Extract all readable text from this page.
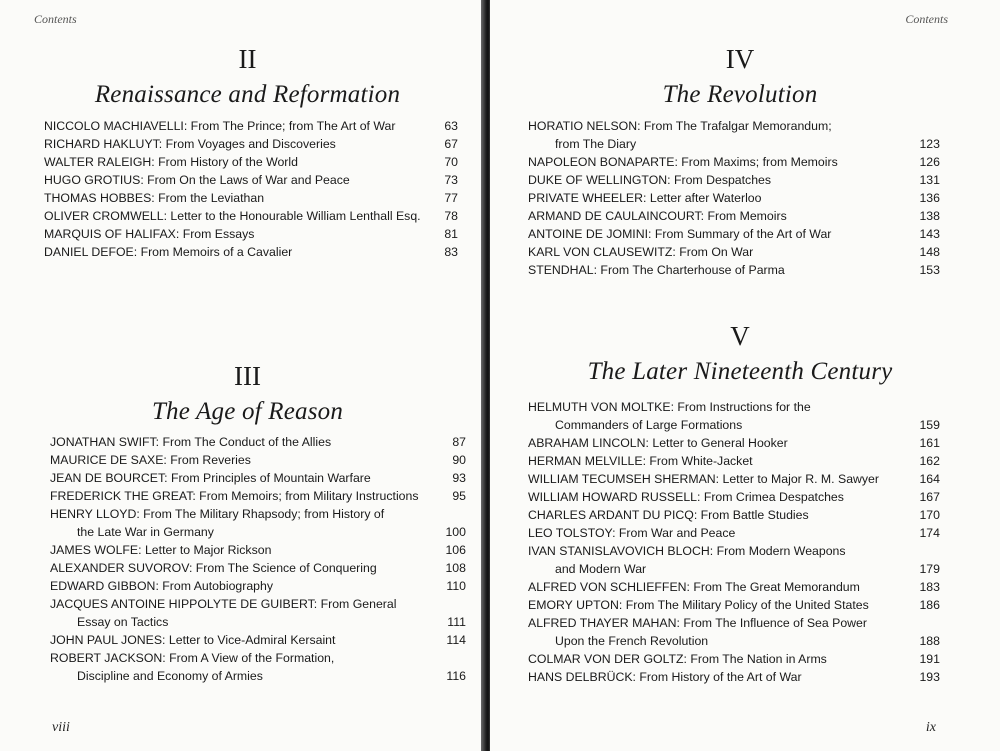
Contents
II
Renaissance and Reformation
NICCOLO MACHIAVELLI: From The Prince; from The Art of War	63
RICHARD HAKLUYT: From Voyages and Discoveries	67
WALTER RALEIGH: From History of the World	70
HUGO GROTIUS: From On the Laws of War and Peace	73
THOMAS HOBBES: From the Leviathan	77
OLIVER CROMWELL: Letter to the Honourable William Lenthall Esq.	78
MARQUIS OF HALIFAX: From Essays	81
DANIEL DEFOE: From Memoirs of a Cavalier	83
III
The Age of Reason
JONATHAN SWIFT: From The Conduct of the Allies	87
MAURICE DE SAXE: From Reveries	90
JEAN DE BOURCET: From Principles of Mountain Warfare	93
FREDERICK THE GREAT: From Memoirs; from Military Instructions	95
HENRY LLOYD: From The Military Rhapsody; from History of
the Late War in Germany	100
JAMES WOLFE: Letter to Major Rickson	106
ALEXANDER SUVOROV: From The Science of Conquering	108
EDWARD GIBBON: From Autobiography	110
JACQUES ANTOINE HIPPOLYTE DE GUIBERT: From General
Essay on Tactics	111
JOHN PAUL JONES: Letter to Vice-Admiral Kersaint	114
ROBERT JACKSON: From A View of the Formation,
Discipline and Economy of Armies	116
viii
Contents
IV
The Revolution
HORATIO NELSON: From The Trafalgar Memorandum;
from The Diary	123
NAPOLEON BONAPARTE: From Maxims; from Memoirs	126
DUKE OF WELLINGTON: From Despatches	131
PRIVATE WHEELER: Letter after Waterloo	136
ARMAND DE CAULAINCOURT: From Memoirs	138
ANTOINE DE JOMINI: From Summary of the Art of War	143
KARL VON CLAUSEWITZ: From On War	148
STENDHAL: From The Charterhouse of Parma	153
V
The Later Nineteenth Century
HELMUTH VON MOLTKE: From Instructions for the
Commanders of Large Formations	159
ABRAHAM LINCOLN: Letter to General Hooker	161
HERMAN MELVILLE: From White-Jacket	162
WILLIAM TECUMSEH SHERMAN: Letter to Major R. M. Sawyer	164
WILLIAM HOWARD RUSSELL: From Crimea Despatches	167
CHARLES ARDANT DU PICQ: From Battle Studies	170
LEO TOLSTOY: From War and Peace	174
IVAN STANISLAVOVICH BLOCH: From Modern Weapons
and Modern War	179
ALFRED VON SCHLIEFFEN: From The Great Memorandum	183
EMORY UPTON: From The Military Policy of the United States	186
ALFRED THAYER MAHAN: From The Influence of Sea Power
Upon the French Revolution	188
COLMAR VON DER GOLTZ: From The Nation in Arms	191
HANS DELBRÜCK: From History of the Art of War	193
ix
